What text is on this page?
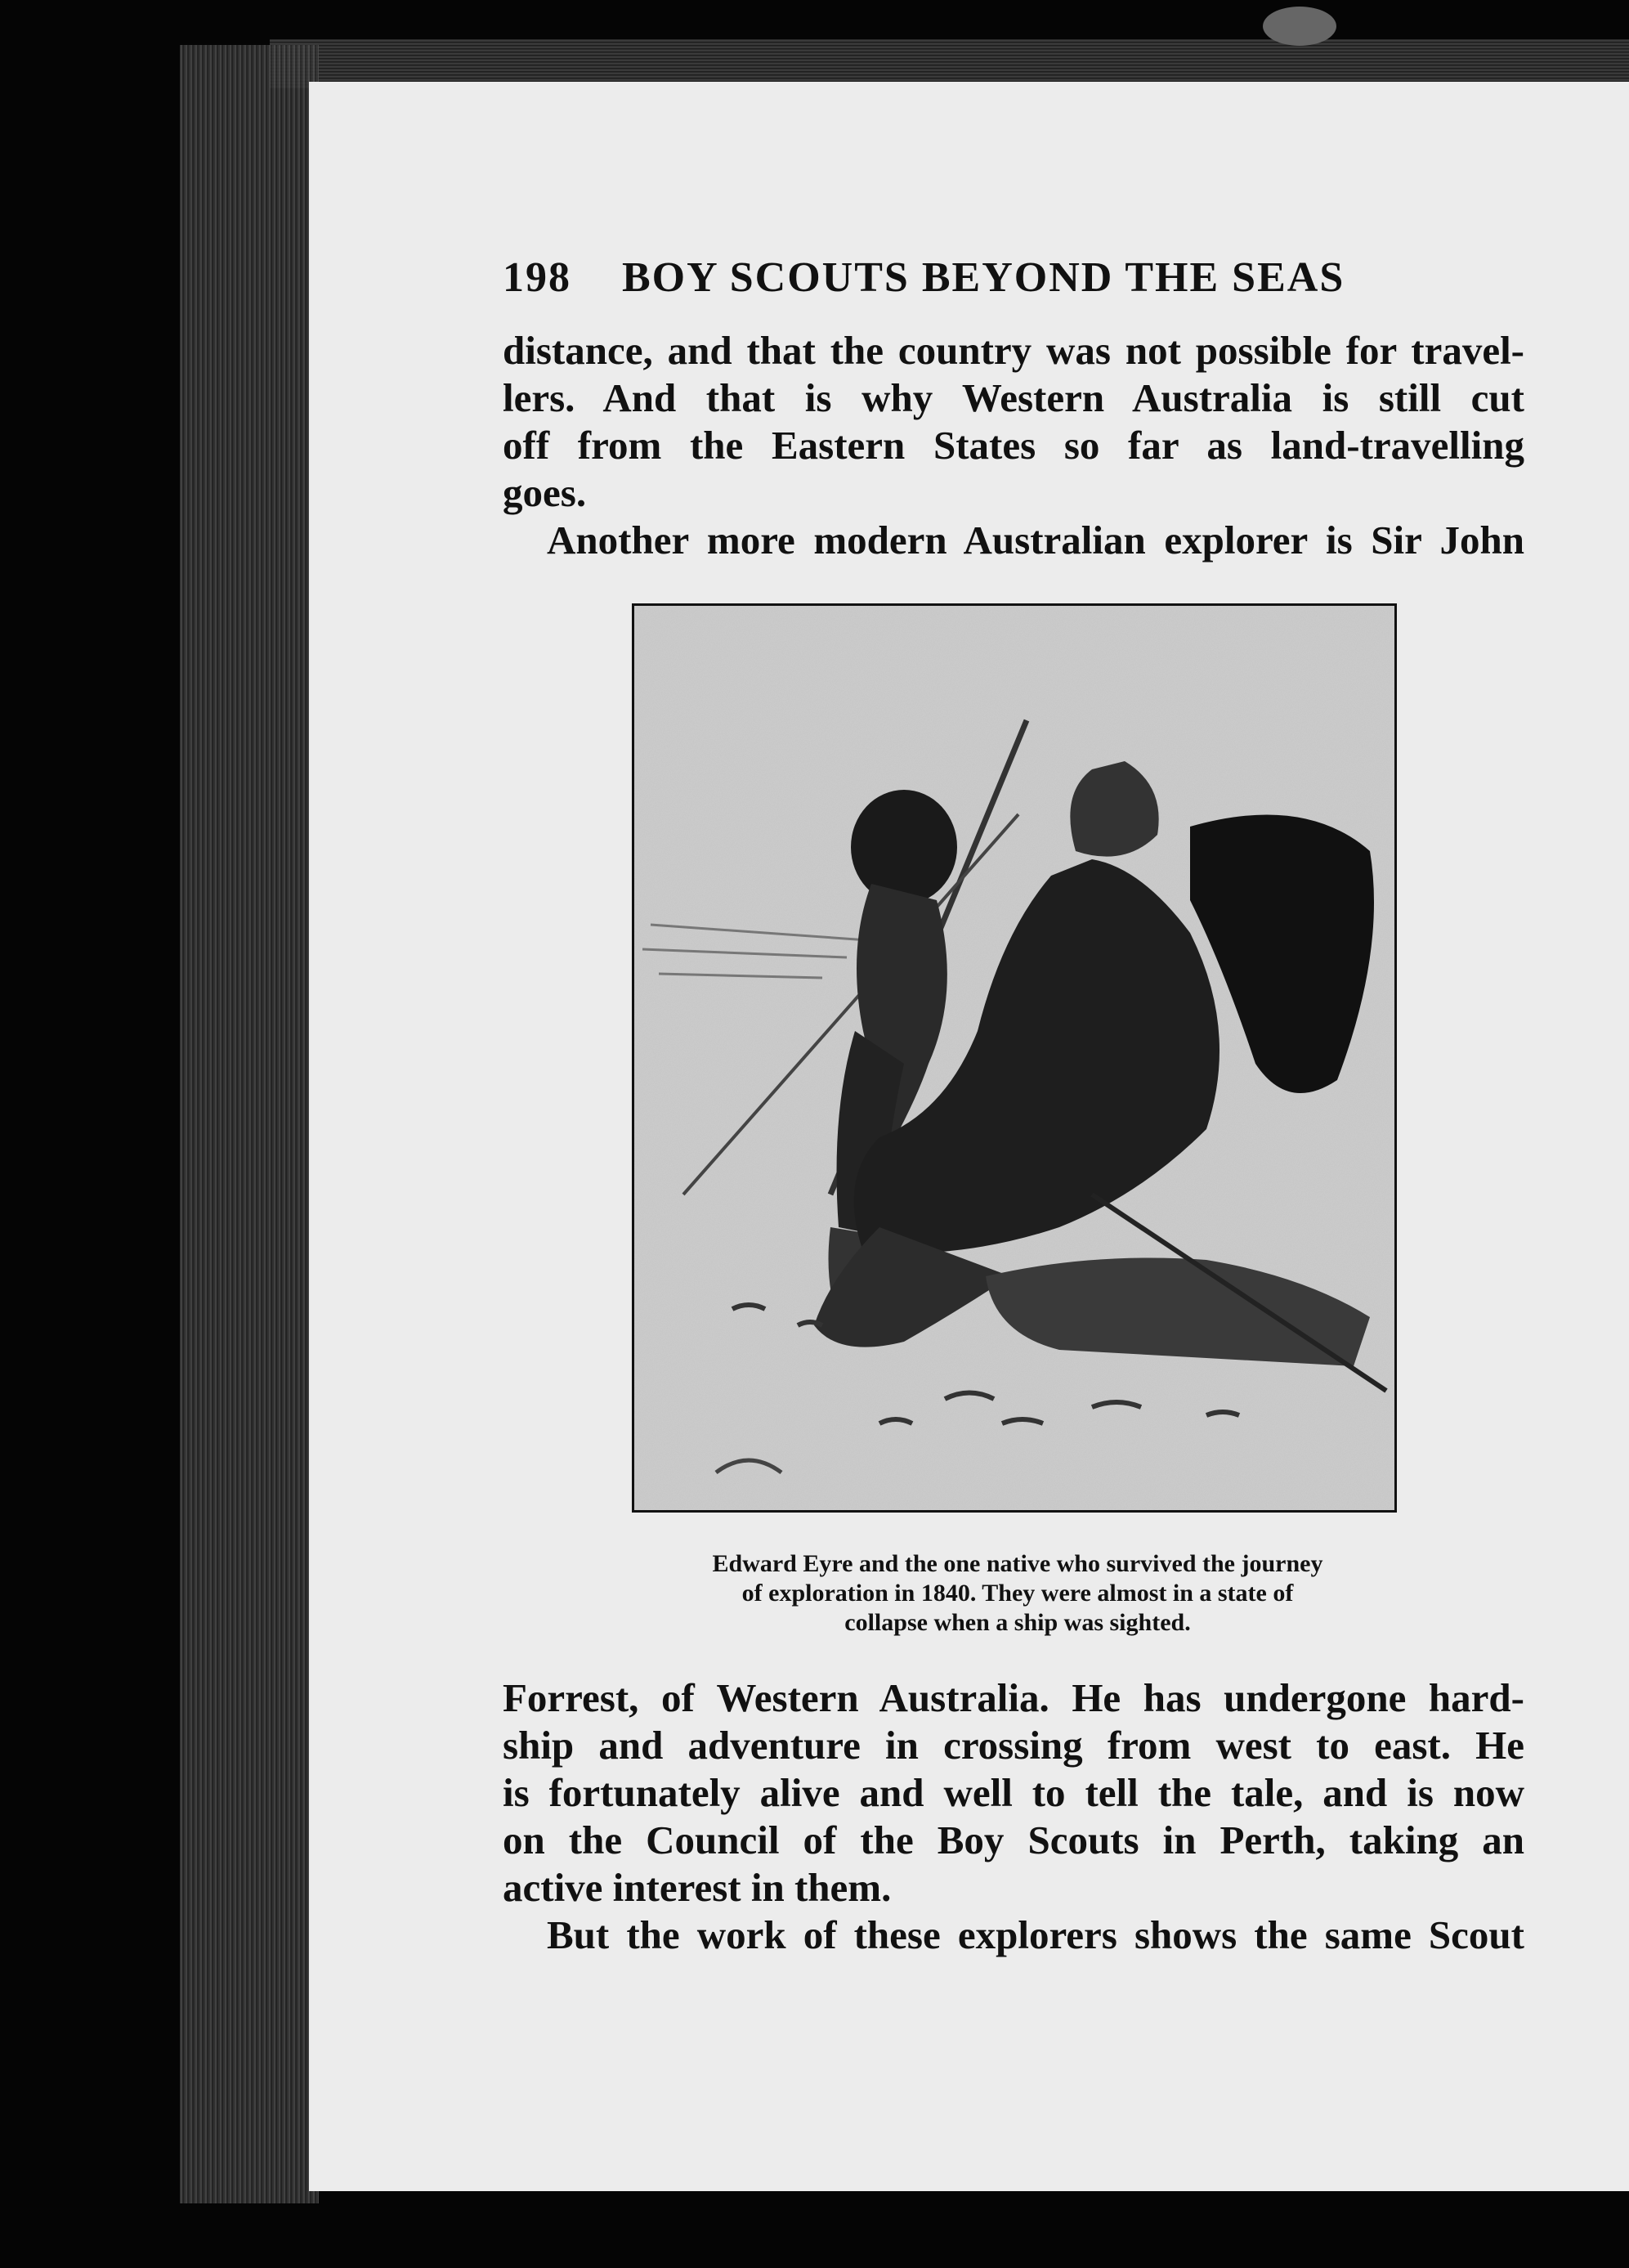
198 BOY SCOUTS BEYOND THE SEAS
distance, and that the country was not possible for travel-
lers. And that is why Western Australia is still cut
off from the Eastern States so far as land-travelling
goes.
Another more modern Australian explorer is Sir John
Edward Eyre and the one native who survived the journey
of exploration in 1840. They were almost in a state of
collapse when a ship was sighted.
Forrest, of Western Australia. He has undergone hard-
ship and adventure in crossing from west to east. He
is fortunately alive and well to tell the tale, and is now
on the Council of the Boy Scouts in Perth, taking an
active interest in them.
But the work of these explorers shows the same Scout
